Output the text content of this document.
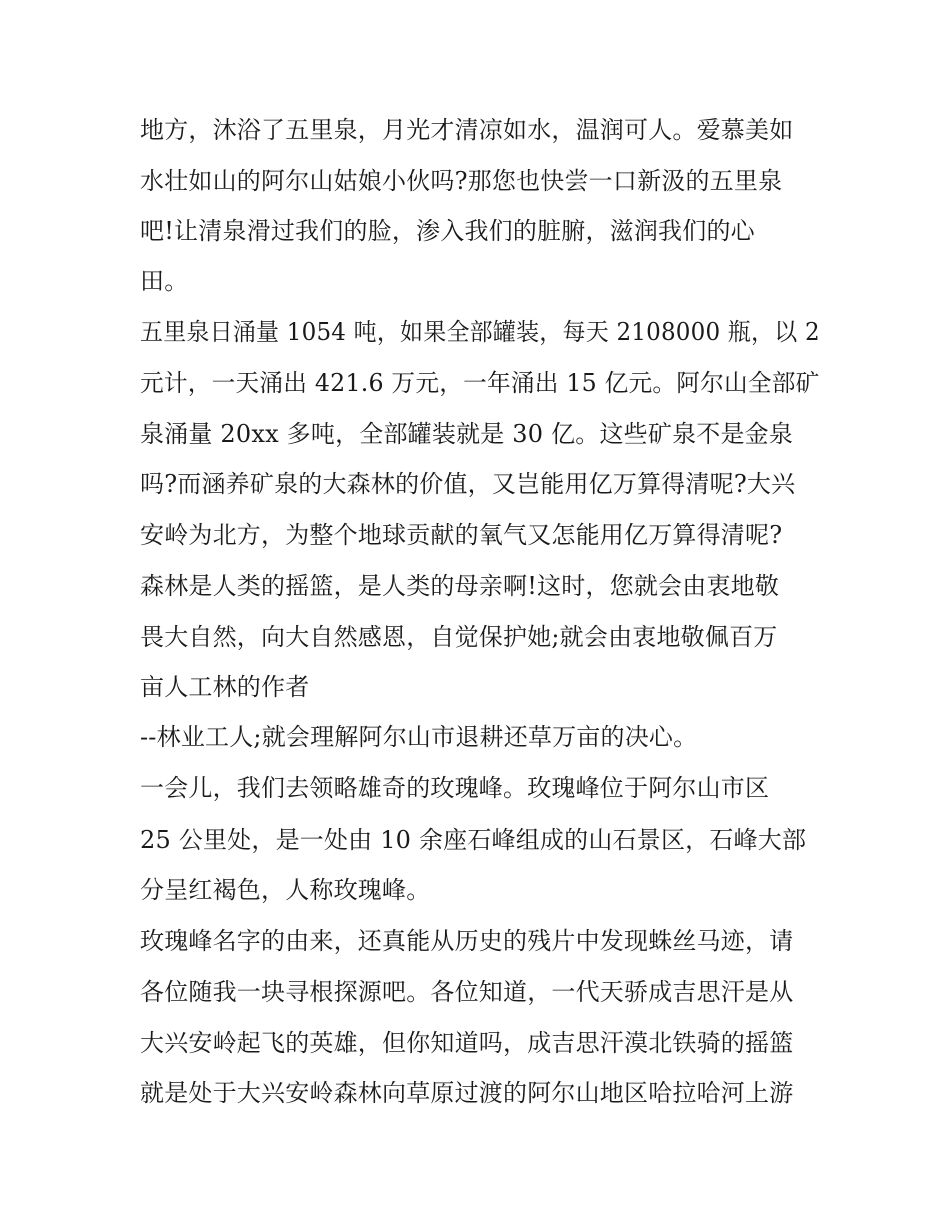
地方，沐浴了五里泉，月光才清凉如水，温润可人。爱慕美如
水壮如山的阿尔山姑娘小伙吗?那您也快尝一口新汲的五里泉
吧!让清泉滑过我们的脸，渗入我们的脏腑，滋润我们的心
田。
五里泉日涌量 1054 吨，如果全部罐装，每天 2108000 瓶，以 2
元计，一天涌出 421.6 万元，一年涌出 15 亿元。阿尔山全部矿
泉涌量 20xx 多吨，全部罐装就是 30 亿。这些矿泉不是金泉
吗?而涵养矿泉的大森林的价值，又岂能用亿万算得清呢?大兴
安岭为北方，为整个地球贡献的氧气又怎能用亿万算得清呢?
森林是人类的摇篮，是人类的母亲啊!这时，您就会由衷地敬
畏大自然，向大自然感恩，自觉保护她;就会由衷地敬佩百万
亩人工林的作者
--林业工人;就会理解阿尔山市退耕还草万亩的决心。
一会儿，我们去领略雄奇的玫瑰峰。玫瑰峰位于阿尔山市区
25 公里处，是一处由 10 余座石峰组成的山石景区，石峰大部
分呈红褐色，人称玫瑰峰。
玫瑰峰名字的由来，还真能从历史的残片中发现蛛丝马迹，请
各位随我一块寻根探源吧。各位知道，一代天骄成吉思汗是从
大兴安岭起飞的英雄，但你知道吗，成吉思汗漠北铁骑的摇篮
就是处于大兴安岭森林向草原过渡的阿尔山地区哈拉哈河上游
